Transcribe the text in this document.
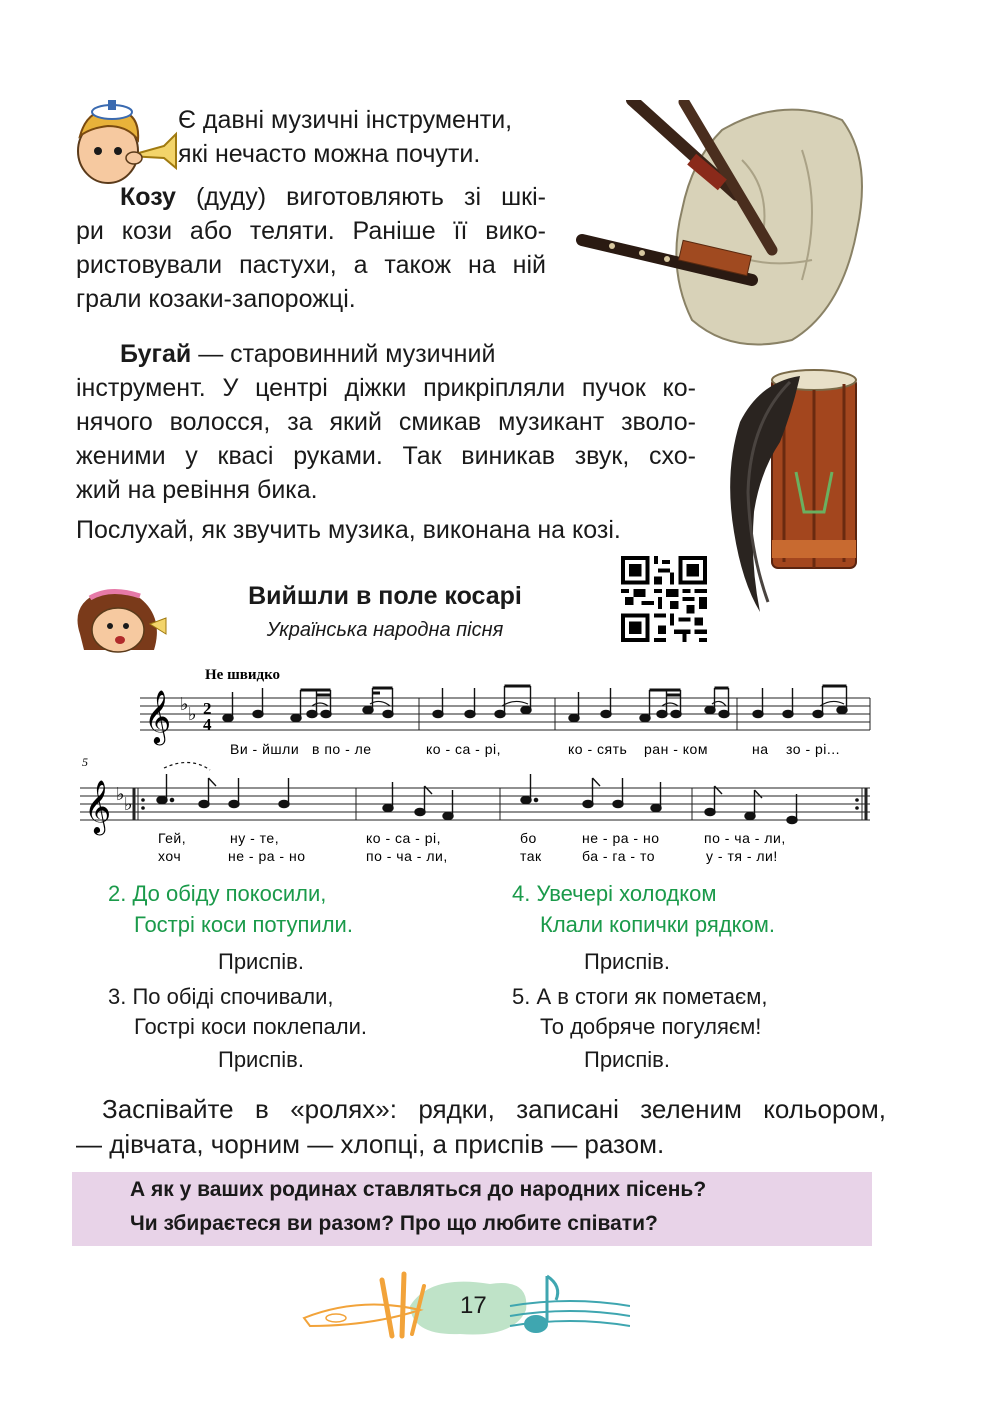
Є давні музичні інструменти,
які нечасто можна почути.
Козу (дуду) виготовляють зі шкі-
ри кози або теляти. Раніше її вико-
ристовували пастухи, а також на ній
грали козаки-запорожці.
Бугай — старовинний музичний
інструмент. У центрі діжки прикріпляли пучок ко-
нячого волосся, за який смикав музикант зволо-
женими у квасі руками. Так виникав звук, схо-
жий на ревіння бика.
Послухай, як звучить музика, виконана на козі.
Вийшли в поле косарі
Українська народна пісня
Не швидко
𝄞 ♭ ♭ 2
4
Ви - йшли в по - ле	ко - са - рі,	ко - сять ран - ком	на зо - рі...
5
𝄞 ♭ ♭
Гей,	ну - те,	ко - са - рі,	бо	не - ра - но	по - ча - ли,
хоч	не - ра - но	по - ча - ли,	так	ба - га - то	у - тя - ли!
2. До обіду покосили,
Гострі коси потупили.
Приспів.
4. Увечері холодком
Клали копички рядком.
Приспів.
3. По обіді спочивали,
Гострі коси поклепали.
Приспів.
5. А в стоги як пометаєм,
То добряче погуляєм!
Приспів.
Заспівайте в «ролях»: рядки, записані зеленим кольором,
— дівчата, чорним — хлопці, а приспів — разом.
А як у ваших родинах ставляться до народних пісень?
Чи збираєтеся ви разом? Про що любите співати?
17
